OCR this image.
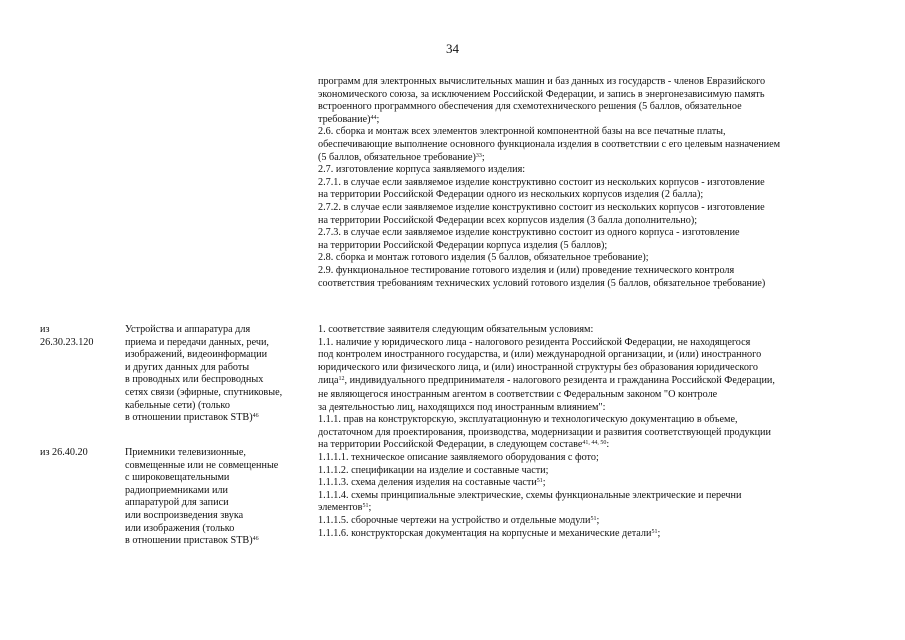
34
программ для электронных вычислительных машин и баз данных из государств - членов Евразийского
экономического союза, за исключением Российской Федерации, и запись в энергонезависимую память
встроенного программного обеспечения для схемотехнического решения (5 баллов, обязательное
требование)$^{44}$;
2.6. сборка и монтаж всех элементов электронной компонентной базы на все печатные платы,
обеспечивающие выполнение основного функционала изделия в соответствии с его целевым назначением
(5 баллов, обязательное требование)$^{33}$;
2.7. изготовление корпуса заявляемого изделия:
2.7.1. в случае если заявляемое изделие конструктивно состоит из нескольких корпусов - изготовление
на территории Российской Федерации одного из нескольких корпусов изделия (2 балла);
2.7.2. в случае если заявляемое изделие конструктивно состоит из нескольких корпусов - изготовление
на территории Российской Федерации всех корпусов изделия (3 балла дополнительно);
2.7.3. в случае если заявляемое изделие конструктивно состоит из одного корпуса - изготовление
на территории Российской Федерации корпуса изделия (5 баллов);
2.8. сборка и монтаж готового изделия (5 баллов, обязательное требование);
2.9. функциональное тестирование готового изделия и (или) проведение технического контроля
соответствия требованиям технических условий готового изделия (5 баллов, обязательное требование)
из
26.30.23.120
Устройства и аппаратура для
приема и передачи данных, речи,
изображений, видеоинформации
и других данных для работы
в проводных или беспроводных
сетях связи (эфирные, спутниковые,
кабельные сети) (только
в отношении приставок STB)$^{46}$
из 26.40.20	Приемники телевизионные,
совмещенные или не совмещенные
с широковещательными
радиоприемниками или
аппаратурой для записи
или воспроизведения звука
или изображения (только
в отношении приставок STB)$^{46}$
1. соответствие заявителя следующим обязательным условиям:
1.1. наличие у юридического лица - налогового резидента Российской Федерации, не находящегося
под контролем иностранного государства, и (или) международной организации, и (или) иностранного
юридического или физического лица, и (или) иностранной структуры без образования юридического
лица$^{12}$, индивидуального предпринимателя - налогового резидента и гражданина Российской Федерации,
не являющегося иностранным агентом в соответствии с Федеральным законом "О контроле
за деятельностью лиц, находящихся под иностранным влиянием":
1.1.1. прав на конструкторскую, эксплуатационную и технологическую документацию в объеме,
достаточном для проектирования, производства, модернизации и развития соответствующей продукции
на территории Российской Федерации, в следующем составе$^{41, 44, 50}$:
1.1.1.1. техническое описание заявляемого оборудования с фото;
1.1.1.2. спецификации на изделие и составные части;
1.1.1.3. схема деления изделия на составные части$^{51}$;
1.1.1.4. схемы принципиальные электрические, схемы функциональные электрические и перечни
элементов$^{51}$;
1.1.1.5. сборочные чертежи на устройство и отдельные модули$^{51}$;
1.1.1.6. конструкторская документация на корпусные и механические детали$^{51}$;
